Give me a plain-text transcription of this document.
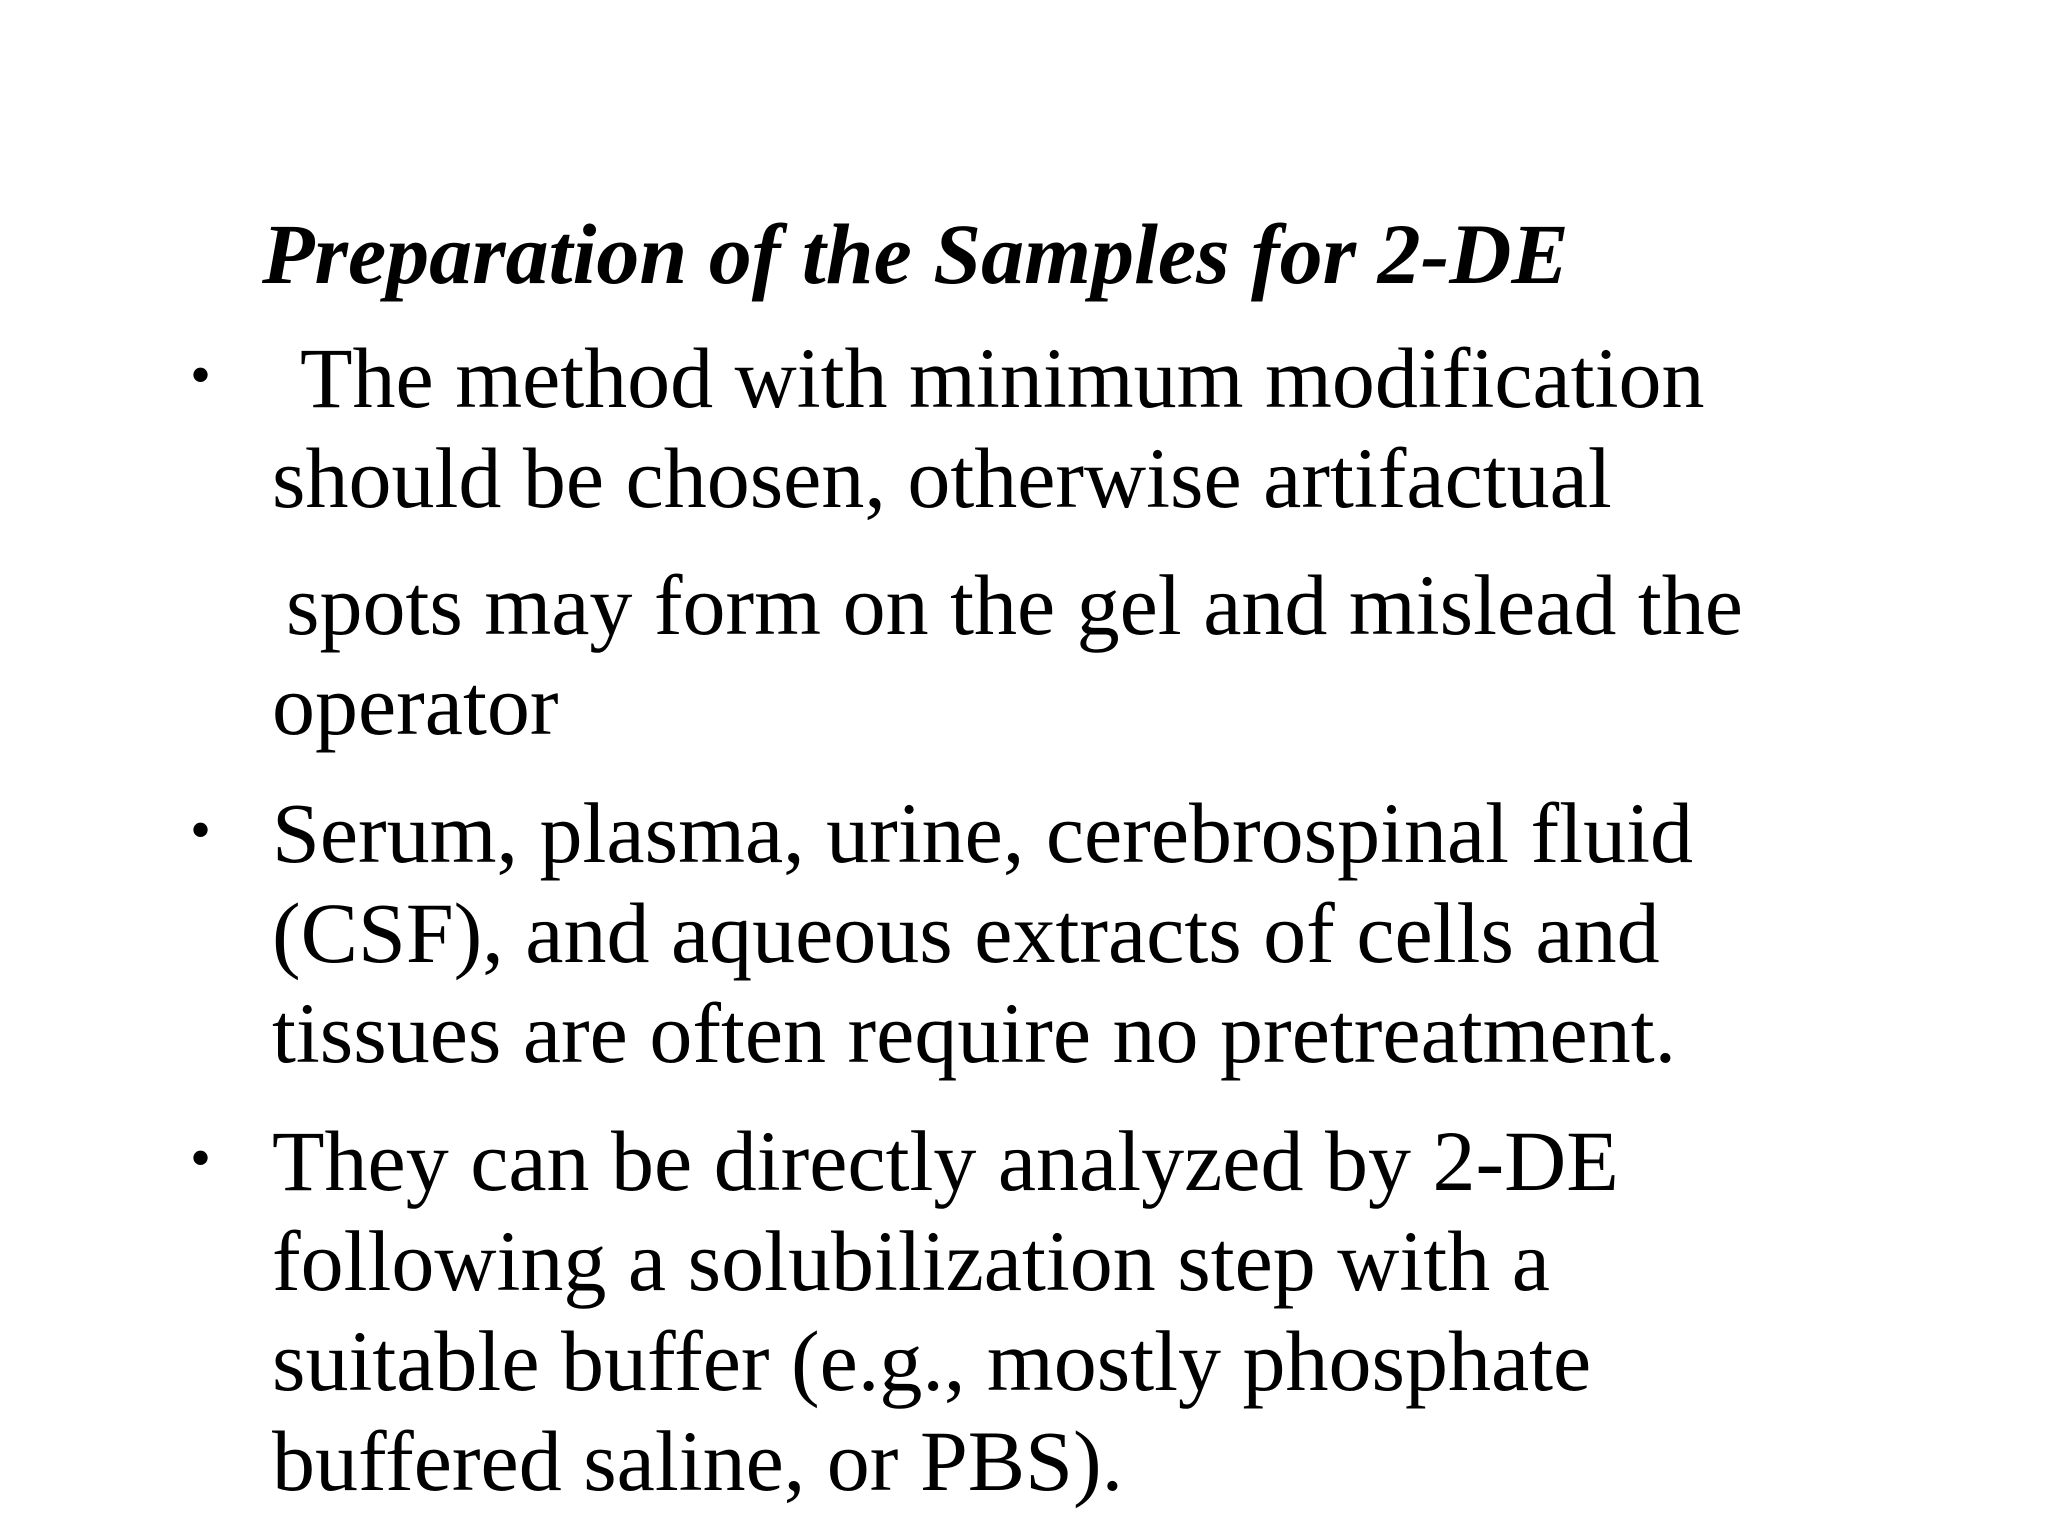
Preparation of the Samples for 2-DE
• The method with minimum modification

should be chosen, otherwise artifactual

spots may form on the gel and mislead the

operator

• Serum, plasma, urine, cerebrospinal fluid

(CSF), and aqueous extracts of cells and

tissues are often require no pretreatment.

• They can be directly analyzed by 2-DE

following a solubilization step with a

suitable buffer (e.g., mostly phosphate

buffered saline, or PBS).
